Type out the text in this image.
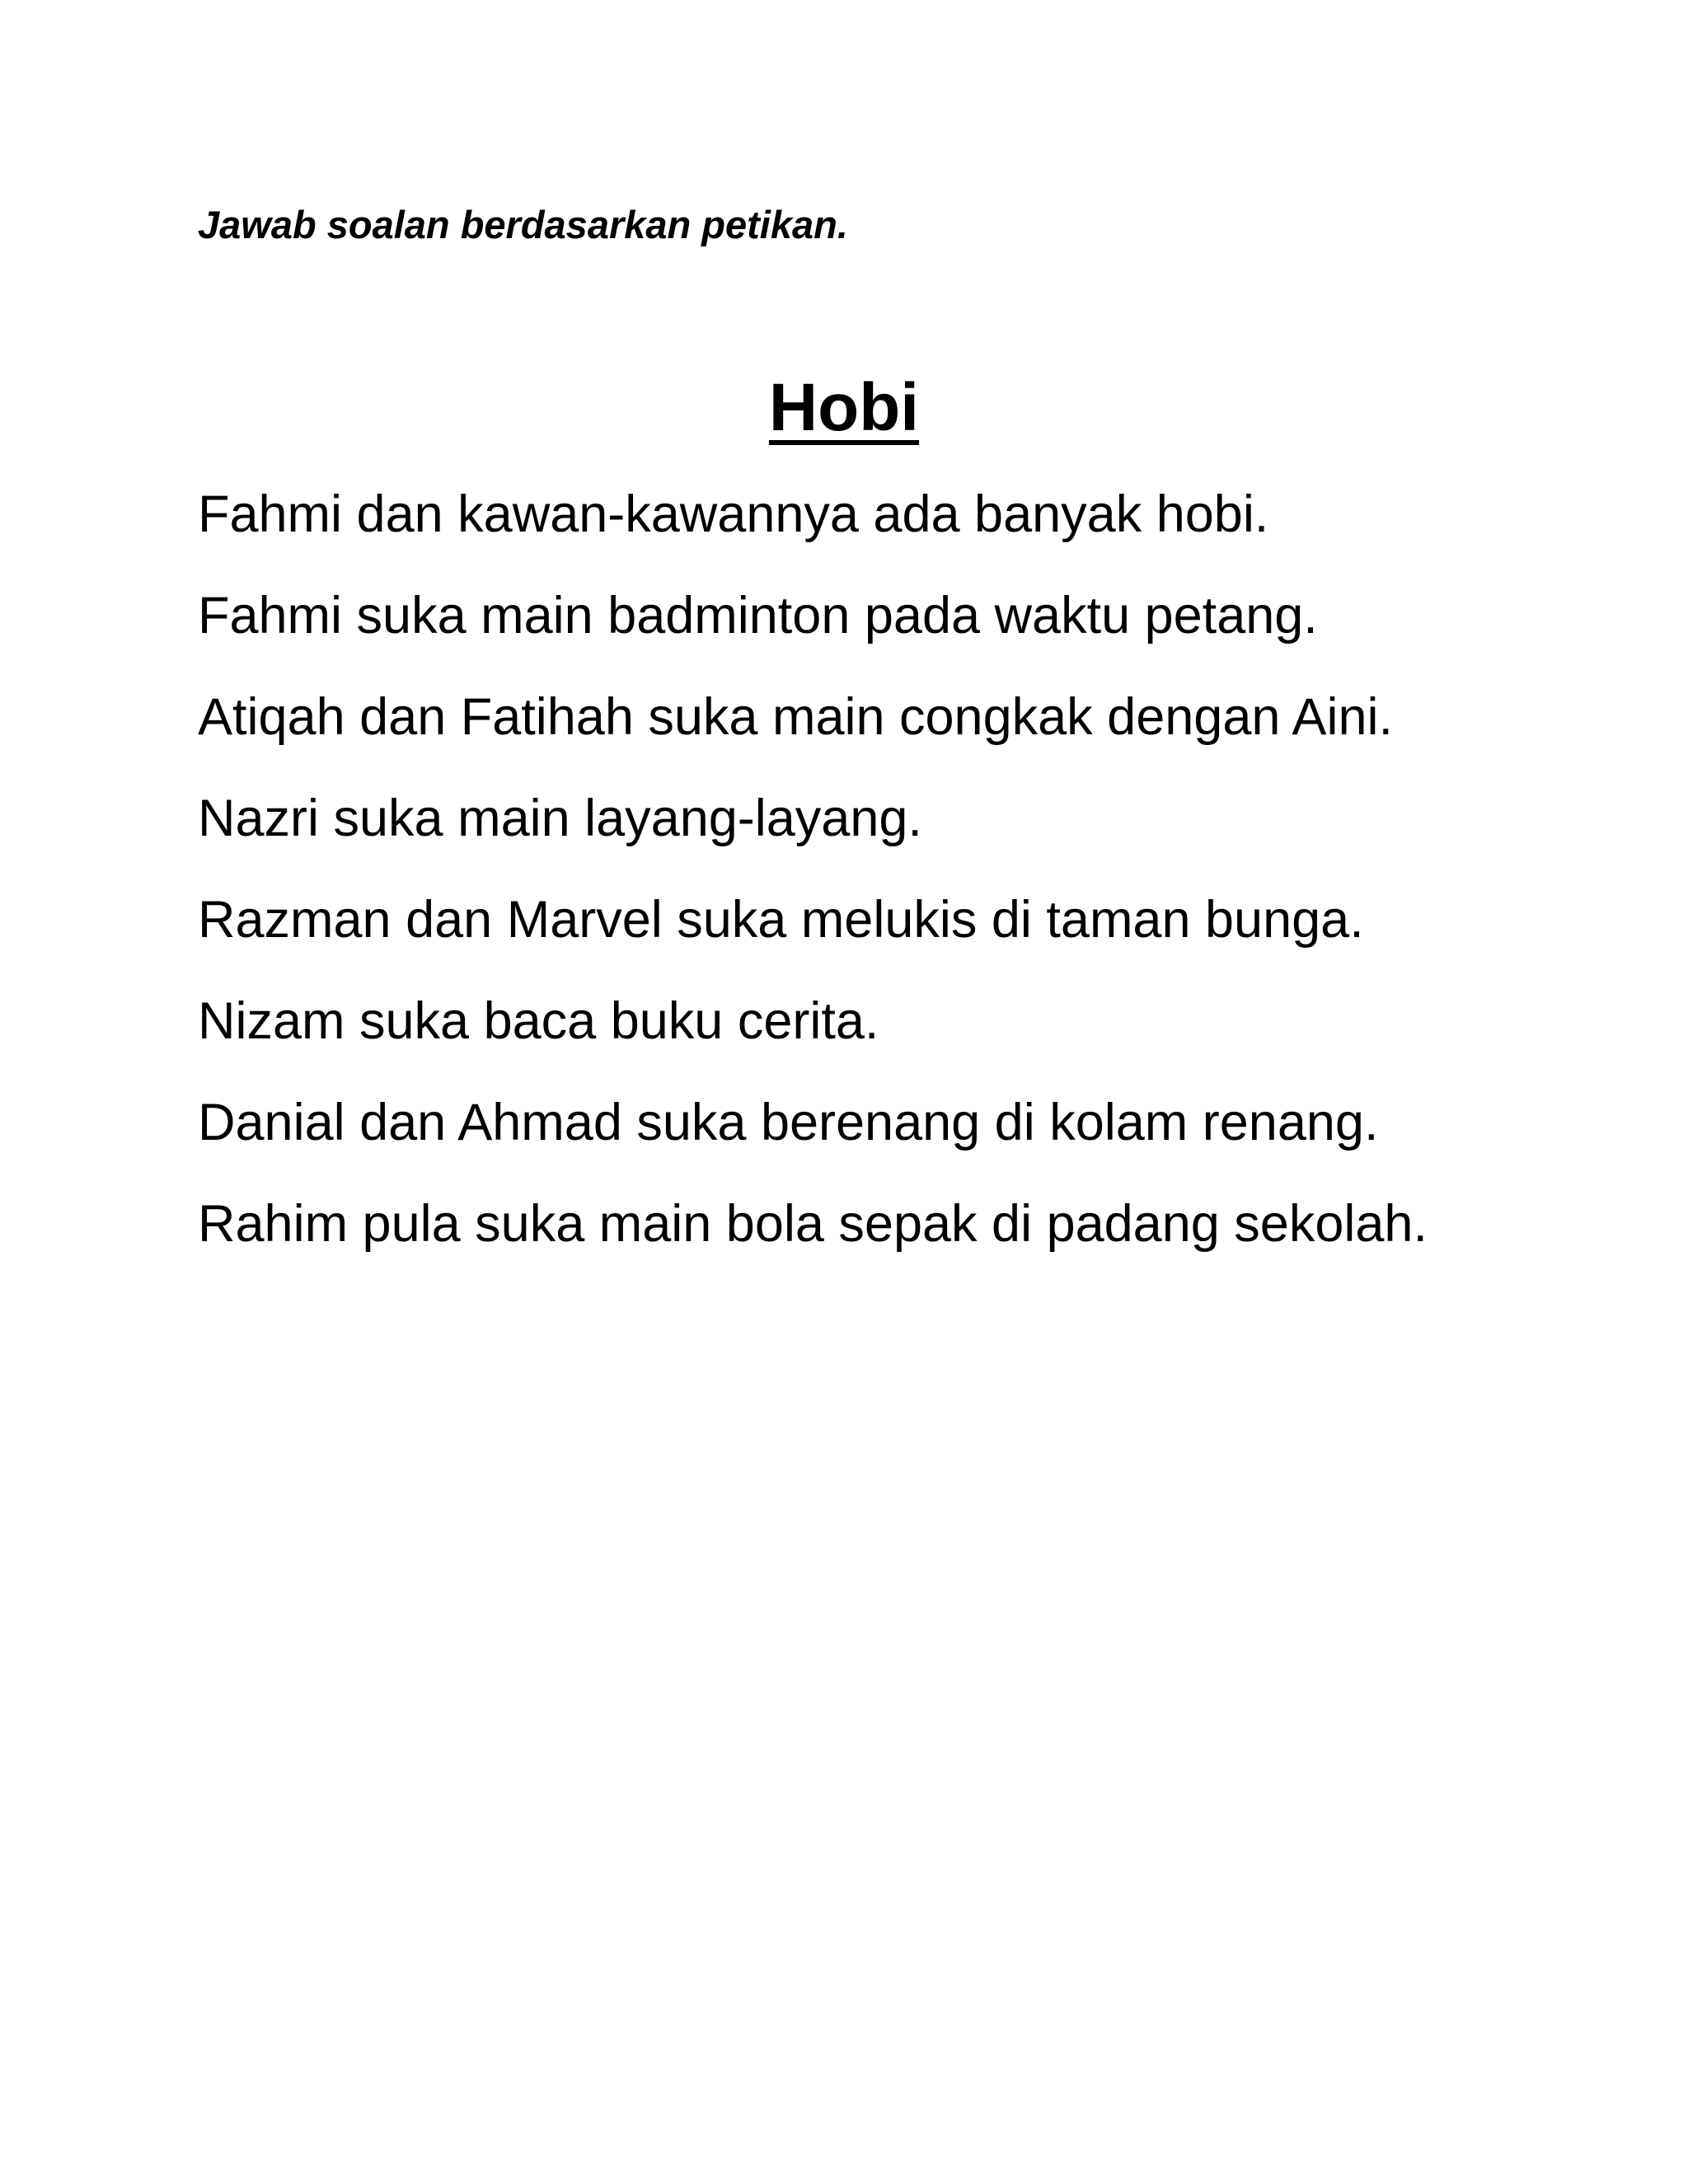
Jawab soalan berdasarkan petikan.

Hobi
Fahmi dan kawan-kawannya ada banyak hobi.
Fahmi suka main badminton pada waktu petang.
Atiqah dan Fatihah suka main congkak dengan Aini.
Nazri suka main layang-layang.
Razman dan Marvel suka melukis di taman bunga.
Nizam suka baca buku cerita.
Danial dan Ahmad suka berenang di kolam renang.
Rahim pula suka main bola sepak di padang sekolah.
